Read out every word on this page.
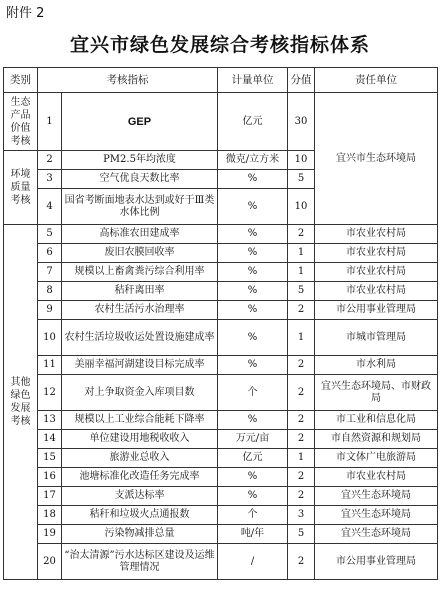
附件 2
宜兴市绿色发展综合考核指标体系
类别	考核指标		计量单位	分值	责任单位
生态产品价值考核	1	GEP	亿元	30	宜兴市生态环境局
环境质量考核	2	PM2.5年均浓度	微克/立方米	10	
	3	空气优良天数比率	%	5	
	4	国省考断面地表水达到或好于Ⅲ类水体比例	%	10	
其他绿色发展考核	5	高标准农田建成率	%	2	市农业农村局
	6	废旧农膜回收率	%	1	市农业农村局
	7	规模以上畜禽粪污综合利用率	%	1	市农业农村局
	8	秸秆离田率	%	5	市农业农村局
	9	农村生活污水治理率	%	2	市公用事业管理局
	10	农村生活垃圾收运处置设施建成率	%	1	市城市管理局
	11	美丽幸福河湖建设目标完成率	%	2	市水利局
	12	对上争取资金入库项目数	个	2	宜兴生态环境局、市财政局
	13	规模以上工业综合能耗下降率	%	2	市工业和信息化局
	14	单位建设用地税收收入	万元/亩	2	市自然资源和规划局
	15	旅游业总收入	亿元	1	市文体广电旅游局
	16	池塘标准化改造任务完成率	%	2	市农业农村局
	17	支派达标率	%	2	宜兴生态环境局
	18	秸秆和垃圾火点通报数	个	3	宜兴生态环境局
	19	污染物减排总量	吨/年	5	宜兴生态环境局
	20	“治太清源”污水达标区建设及运维管理情况	/	2	市公用事业管理局
